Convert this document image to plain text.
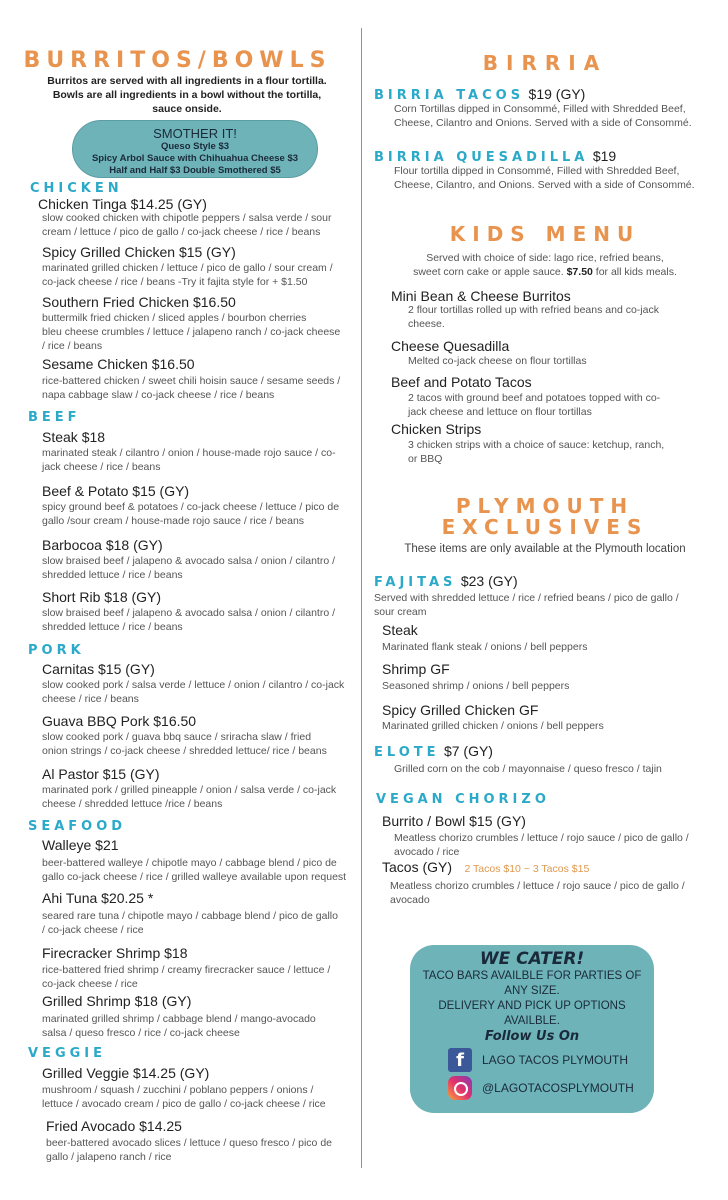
BURRITOS/BOWLS
Burritos are served with all ingredients in a flour tortilla.
Bowls are all ingredients in a bowl without the tortilla,
sauce onside.
SMOTHER IT!
Queso Style $3
Spicy Arbol Sauce with Chihuahua Cheese $3
Half and Half $3 Double Smothered $5
CHICKEN
Chicken Tinga $14.25 (GY)
slow cooked chicken with chipotle peppers / salsa verde / sour
cream / lettuce / pico de gallo / co-jack cheese / rice / beans
Spicy Grilled Chicken $15 (GY)
marinated grilled chicken / lettuce / pico de gallo / sour cream /
co-jack cheese / rice / beans -Try it fajita style for + $1.50
Southern Fried Chicken $16.50
buttermilk fried chicken / sliced apples / bourbon cherries
bleu cheese crumbles / lettuce / jalapeno ranch / co-jack cheese
/ rice / beans
Sesame Chicken $16.50
rice-battered chicken / sweet chili hoisin sauce / sesame seeds /
napa cabbage slaw / co-jack cheese / rice / beans
BEEF
Steak $18
marinated steak / cilantro / onion / house-made rojo sauce / co-
jack cheese / rice / beans
Beef & Potato $15 (GY)
spicy ground beef & potatoes / co-jack cheese / lettuce / pico de
gallo /sour cream / house-made rojo sauce / rice / beans
Barbocoa $18 (GY)
slow braised beef / jalapeno & avocado salsa / onion / cilantro /
shredded lettuce / rice / beans
Short Rib $18 (GY)
slow braised beef / jalapeno & avocado salsa / onion / cilantro /
shredded lettuce / rice / beans
PORK
Carnitas $15 (GY)
slow cooked pork / salsa verde / lettuce / onion / cilantro / co-jack
cheese / rice / beans
Guava BBQ Pork $16.50
slow cooked pork / guava bbq sauce / sriracha slaw / fried
onion strings / co-jack cheese / shredded lettuce/ rice / beans
Al Pastor $15 (GY)
marinated pork / grilled pineapple / onion / salsa verde / co-jack
cheese / shredded lettuce /rice / beans
SEAFOOD
Walleye $21
beer-battered walleye / chipotle mayo / cabbage blend / pico de
gallo co-jack cheese / rice / grilled walleye available upon request
Ahi Tuna $20.25 *
seared rare tuna / chipotle mayo / cabbage blend / pico de gallo
/ co-jack cheese / rice
Firecracker Shrimp $18
rice-battered fried shrimp / creamy firecracker sauce / lettuce /
co-jack cheese / rice
Grilled Shrimp $18 (GY)
marinated grilled shrimp / cabbage blend / mango-avocado
salsa / queso fresco / rice / co-jack cheese
VEGGIE
Grilled Veggie $14.25 (GY)
mushroom / squash / zucchini / poblano peppers / onions /
lettuce / avocado cream / pico de gallo / co-jack cheese / rice
Fried Avocado $14.25
beer-battered avocado slices / lettuce / queso fresco / pico de
gallo / jalapeno ranch / rice
BIRRIA
BIRRIA TACOS $19 (GY)
Corn Tortillas dipped in Consommé, Filled with Shredded Beef,
Cheese, Cilantro and Onions. Served with a side of Consommé.
BIRRIA QUESADILLA $19
Flour tortilla dipped in Consommé, Filled with Shredded Beef,
Cheese, Cilantro, and Onions. Served with a side of Consommé.
KIDS MENU
Served with choice of side: lago rice, refried beans,
sweet corn cake or apple sauce. $7.50 for all kids meals.
Mini Bean & Cheese Burritos
2 flour tortillas rolled up with refried beans and co-jack
cheese.
Cheese Quesadilla
Melted co-jack cheese on flour tortillas
Beef and Potato Tacos
2 tacos with ground beef and potatoes topped with co-
jack cheese and lettuce on flour tortillas
Chicken Strips
3 chicken strips with a choice of sauce: ketchup, ranch,
or BBQ
PLYMOUTH
EXCLUSIVES
These items are only available at the Plymouth location
FAJITAS $23 (GY)
Served with shredded lettuce / rice / refried beans / pico de gallo /
sour cream
Steak
Marinated flank steak / onions / bell peppers
Shrimp GF
Seasoned shrimp / onions / bell peppers
Spicy Grilled Chicken GF
Marinated grilled chicken / onions / bell peppers
ELOTE $7 (GY)
Grilled corn on the cob / mayonnaise / queso fresco / tajin
VEGAN CHORIZO
Burrito / Bowl $15 (GY)
Meatless chorizo crumbles / lettuce / rojo sauce / pico de gallo /
avocado / rice
Tacos (GY) 2 Tacos $10 ~ 3 Tacos $15
Meatless chorizo crumbles / lettuce / rojo sauce / pico de gallo /
avocado
WE CATER!
TACO BARS AVAILBLE FOR PARTIES OF
ANY SIZE.
DELIVERY AND PICK UP OPTIONS
AVAILBLE.
Follow Us On
f	LAGO TACOS PLYMOUTH
@LAGOTACOSPLYMOUTH
